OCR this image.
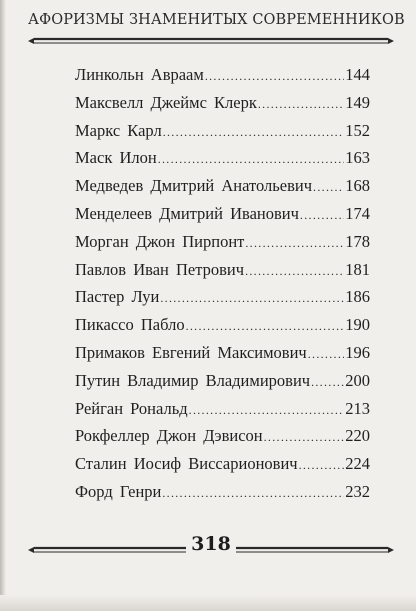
АФОРИЗМЫ ЗНАМЕНИТЫХ СОВРЕМЕННИКОВ
Линкольн Авраам .....	144
Максвелл Джеймс Клерк .....	149
Маркс Карл .....	152
Маск Илон .....	163
Медведев Дмитрий Анатольевич ..... 168
Менделеев Дмитрий Иванович .....	174
Морган Джон Пирпонт .....	178
Павлов Иван Петрович .....	181
Пастер Луи .....	186
Пикассо Пабло .....	190
Примаков Евгений Максимович ..... 196
Путин Владимир Владимирович ..... 200
Рейган Рональд .....	213
Рокфеллер Джон Дэвисон .....	220
Сталин Иосиф Виссарионович .....	224
Форд Генри .....	232
318
